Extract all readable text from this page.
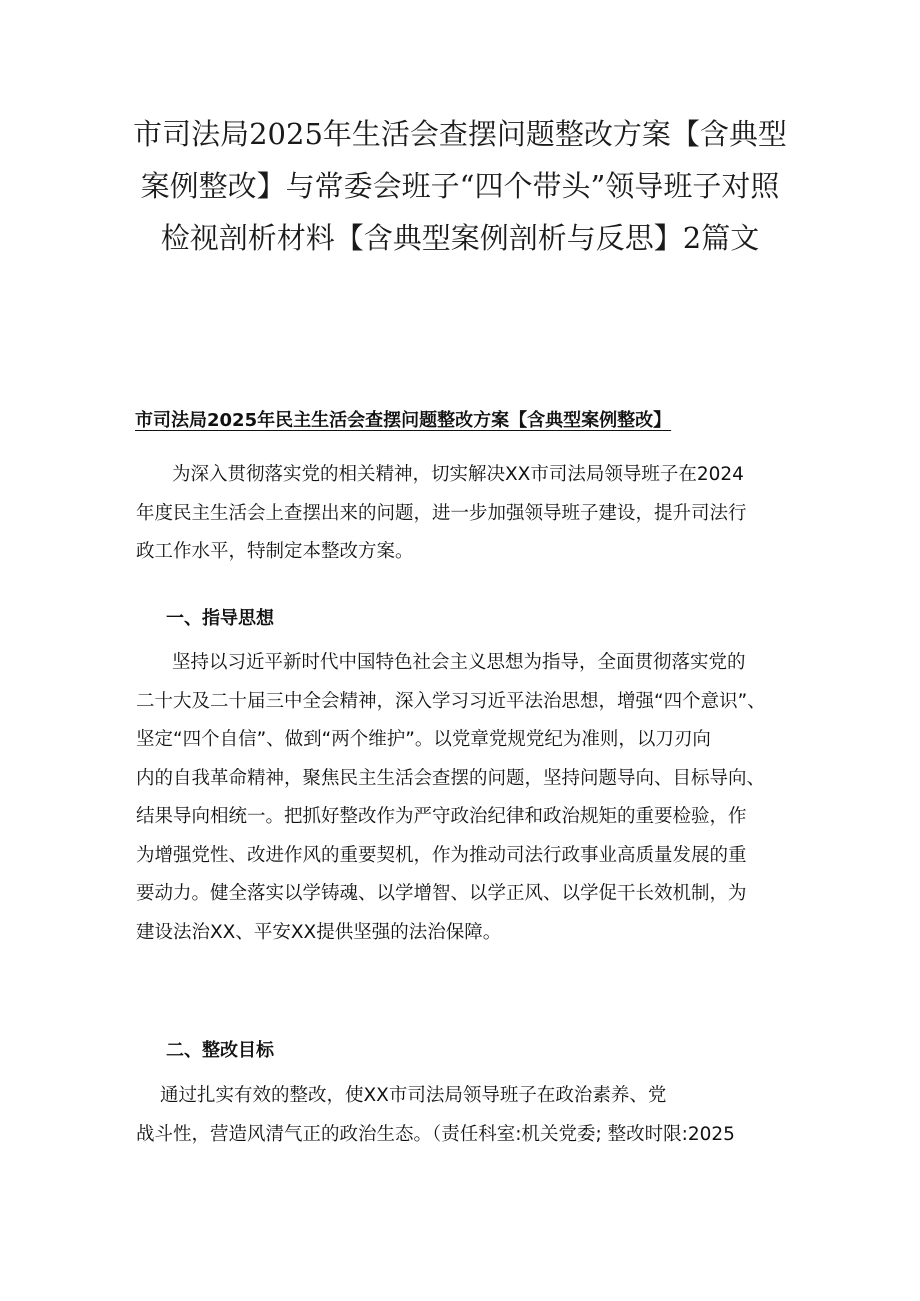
市司法局2025年生活会查摆问题整改方案【含典型
案例整改】与常委会班子“四个带头”领导班子对照
检视剖析材料【含典型案例剖析与反思】2篇文
市司法局2025年民主生活会查摆问题整改方案【含典型案例整改】

为深入贯彻落实党的相关精神，切实解决XX市司法局领导班子在2024
年度民主生活会上查摆出来的问题，进一步加强领导班子建设，提升司法行
政工作水平，特制定本整改方案。

一、指导思想

坚持以习近平新时代中国特色社会主义思想为指导，全面贯彻落实党的
二十大及二十届三中全会精神，深入学习习近平法治思想，增强“四个意识”、
坚定“四个自信”、做到“两个维护”。以党章党规党纪为准则，以刀刃向
内的自我革命精神，聚焦民主生活会查摆的问题，坚持问题导向、目标导向、
结果导向相统一。把抓好整改作为严守政治纪律和政治规矩的重要检验，作
为增强党性、改进作风的重要契机，作为推动司法行政事业高质量发展的重
要动力。健全落实以学铸魂、以学增智、以学正风、以学促干长效机制，为
建设法治XX、平安XX提供坚强的法治保障。

二、整改目标

通过扎实有效的整改，使XX市司法局领导班子在政治素养、党
战斗性，营造风清气正的政治生态。（责任科室:机关党委; 整改时限:2025
